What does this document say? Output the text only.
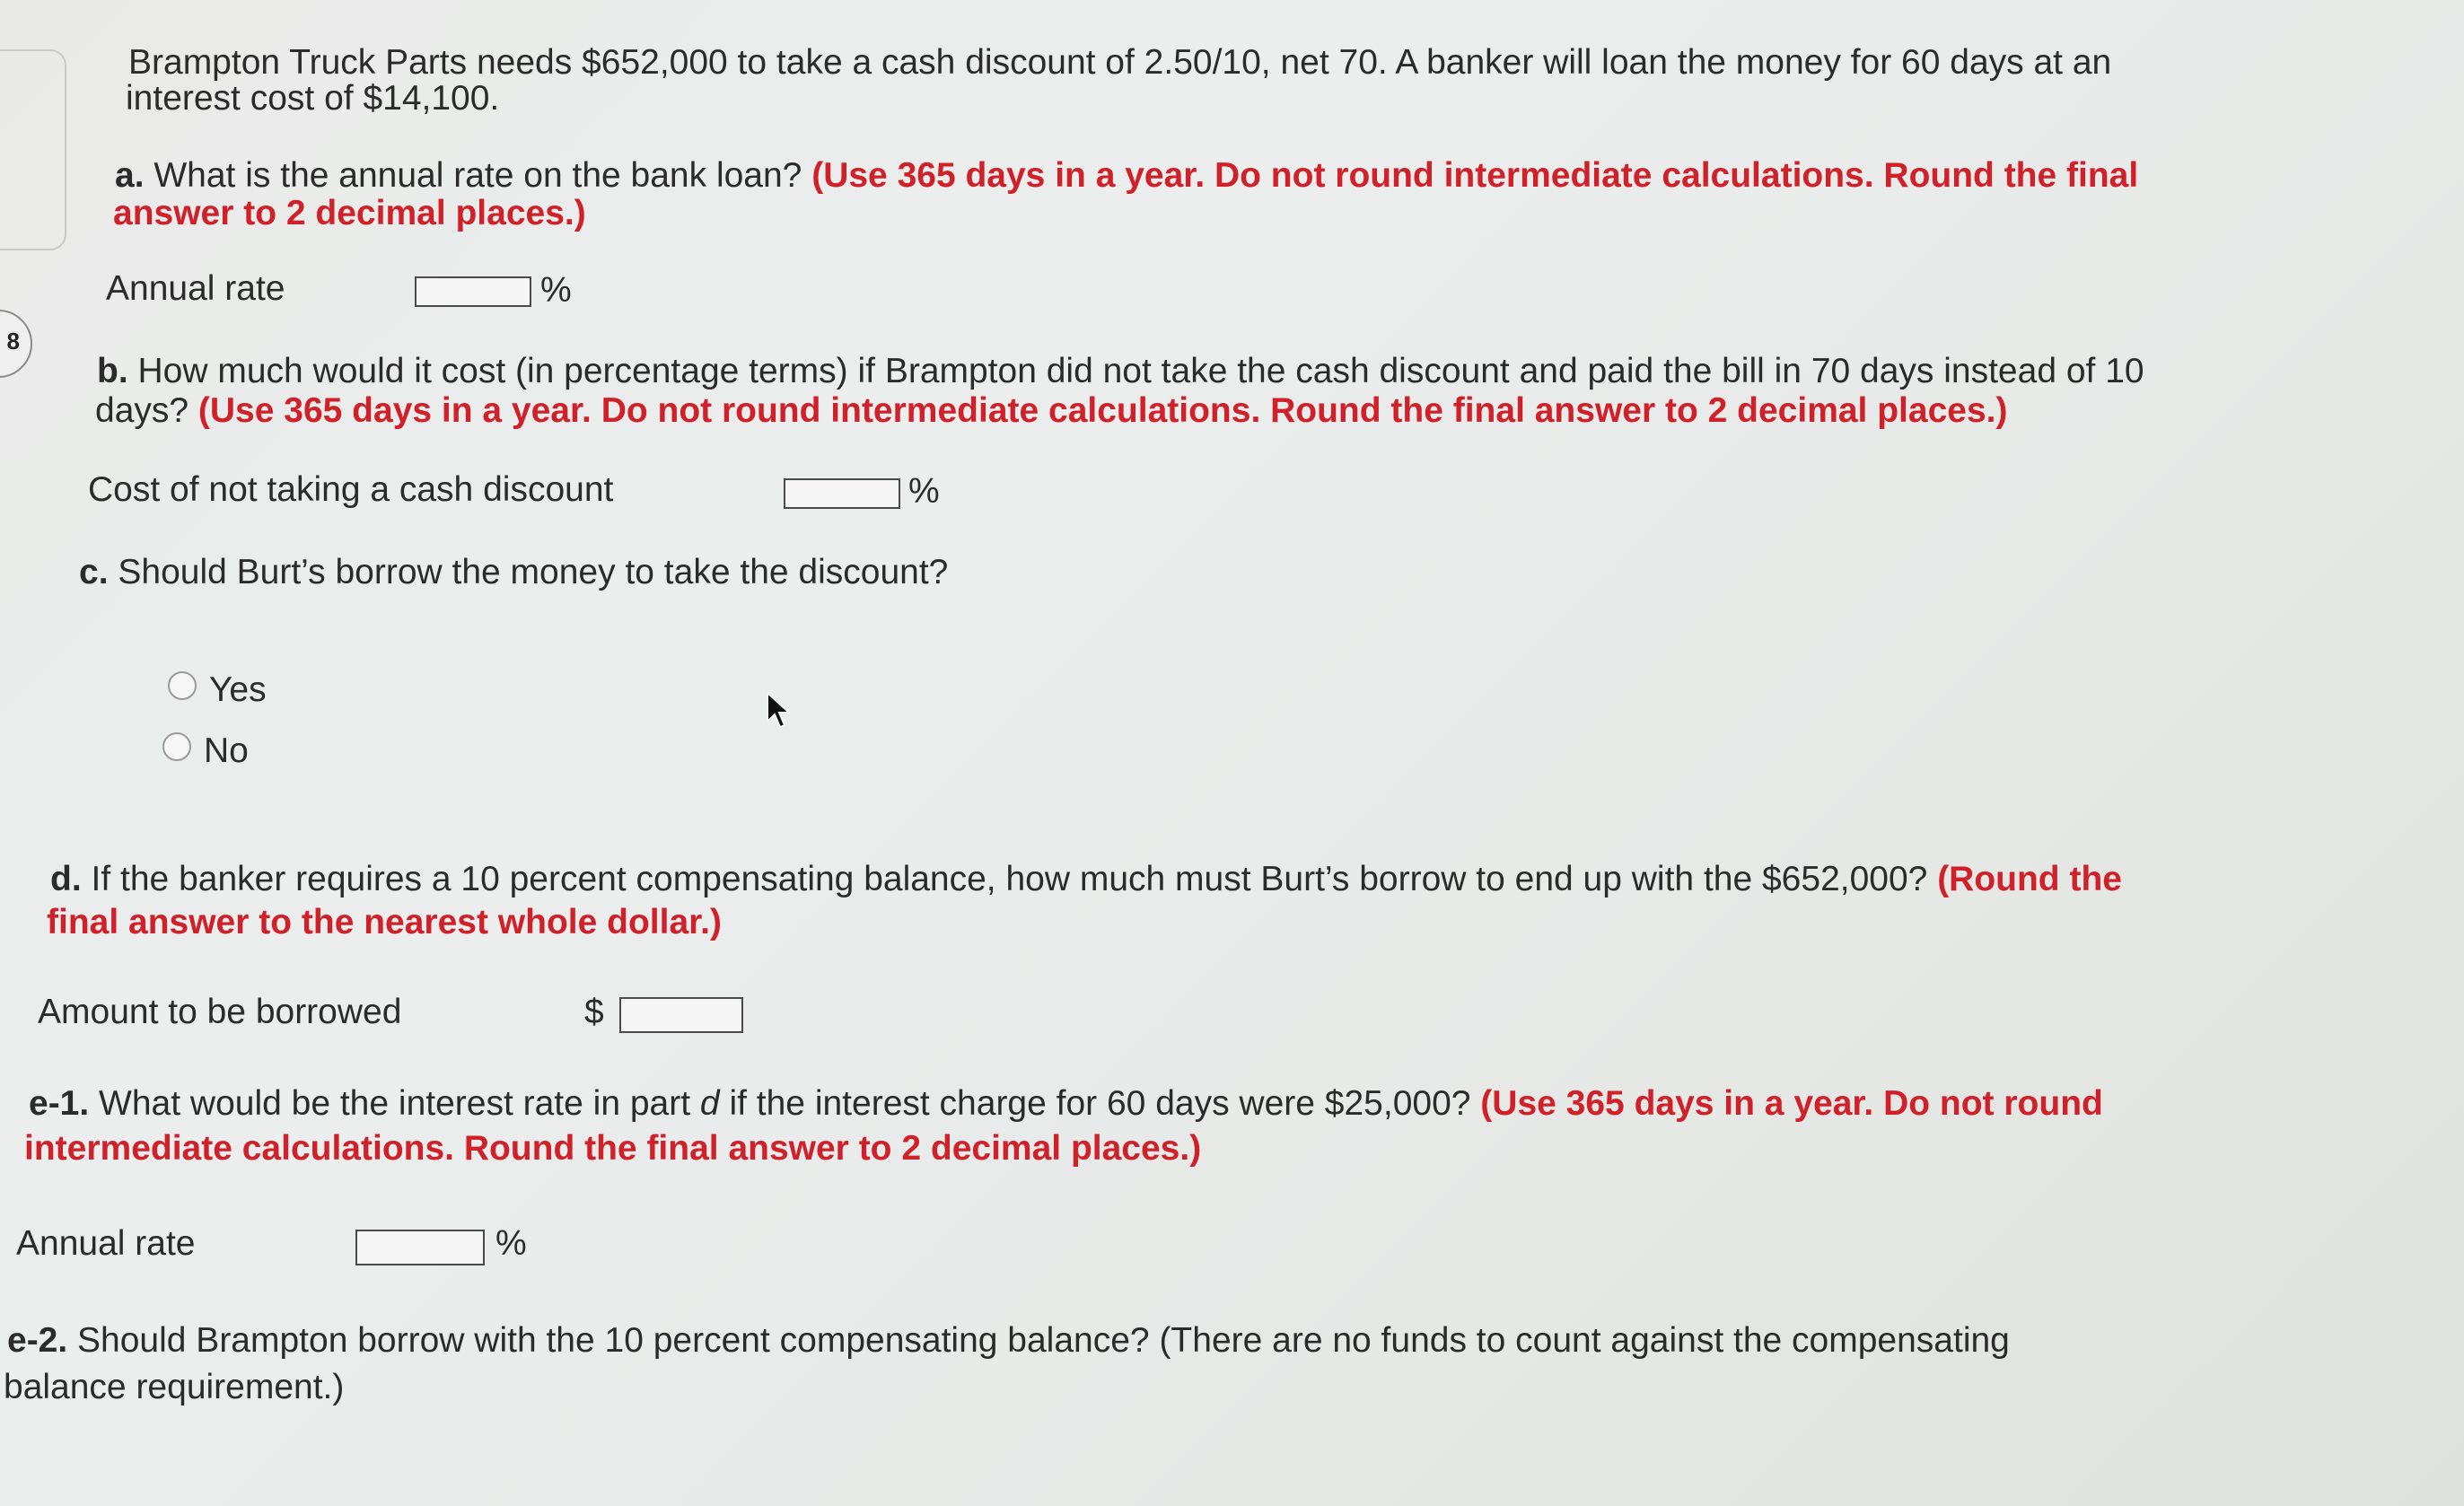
8
Brampton Truck Parts needs $652,000 to take a cash discount of 2.50/10, net 70. A banker will loan the money for 60 days at an
interest cost of $14,100.
a. What is the annual rate on the bank loan? (Use 365 days in a year. Do not round intermediate calculations. Round the final
answer to 2 decimal places.)
Annual rate	%
b. How much would it cost (in percentage terms) if Brampton did not take the cash discount and paid the bill in 70 days instead of 10
days? (Use 365 days in a year. Do not round intermediate calculations. Round the final answer to 2 decimal places.)
Cost of not taking a cash discount	%
c. Should Burt’s borrow the money to take the discount?
Yes
No
d. If the banker requires a 10 percent compensating balance, how much must Burt’s borrow to end up with the $652,000? (Round the
final answer to the nearest whole dollar.)
Amount to be borrowed	$
e-1. What would be the interest rate in part d if the interest charge for 60 days were $25,000? (Use 365 days in a year. Do not round
intermediate calculations. Round the final answer to 2 decimal places.)
Annual rate	%
e-2. Should Brampton borrow with the 10 percent compensating balance? (There are no funds to count against the compensating
balance requirement.)
